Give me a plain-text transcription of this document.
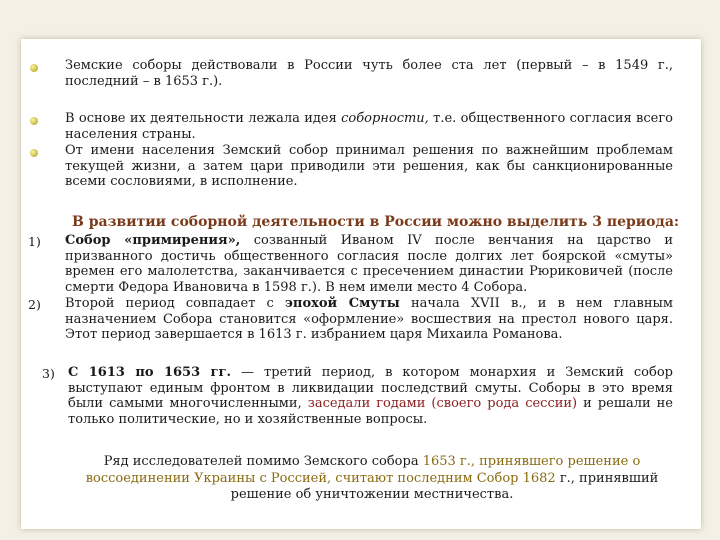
Земские соборы действовали в России чуть более ста лет (первый – в 1549 г., последний – в 1653 г.).
В основе их деятельности лежала идея соборности, т.е. общественного согласия всего населения страны.
От имени населения Земский собор принимал решения по важнейшим проблемам текущей жизни, а затем цари приводили эти решения, как бы санкционированные всеми сословиями, в исполнение.
В развитии соборной деятельности в России можно выделить 3 периода:
1) Собор «примирения», созванный Иваном IV после венчания на царство и призванного достичь общественного согласия после долгих лет боярской «смуты» времен его малолетства, заканчивается с пресечением династии Рюриковичей (после смерти Федора Ивановича в 1598 г.). В нем имели место 4 Собора.
2) Второй период совпадает с эпохой Смуты начала XVII в., и в нем главным назначением Собора становится «оформление» восшествия на престол нового царя. Этот период завершается в 1613 г. избранием царя Михаила Романова.
3) С 1613 по 1653 гг. — третий период, в котором монархия и Земский собор выступают единым фронтом в ликвидации последствий смуты. Соборы в это время были самыми многочисленными, заседали годами (своего рода сессии) и решали не только политические, но и хозяйственные вопросы.
Ряд исследователей помимо Земского собора 1653 г., принявшего решение о воссоединении Украины с Россией, считают последним Собор 1682 г., принявший решение об уничтожении местничества.
